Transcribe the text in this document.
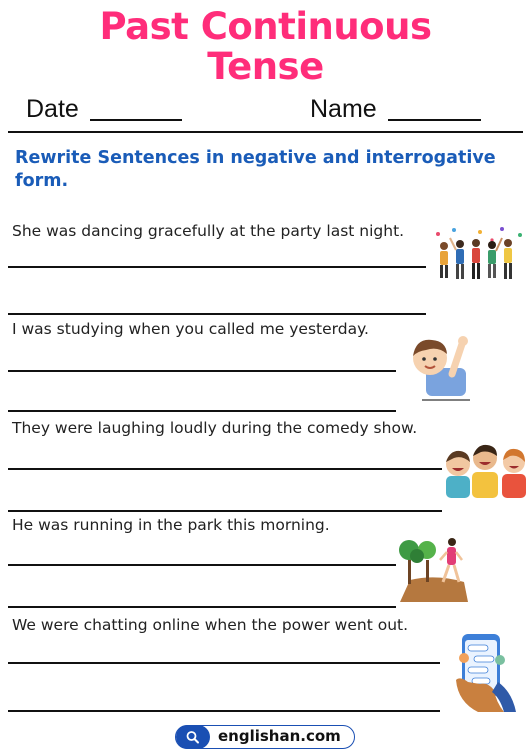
Past Continuous
Tense
Date	Name
Rewrite Sentences in negative and interrogative form.
She was dancing gracefully at the party last night.
I was studying when you called me yesterday.
They were laughing loudly during the comedy show.
He was running in the park this morning.
We were chatting online when the power went out.
englishan.com
